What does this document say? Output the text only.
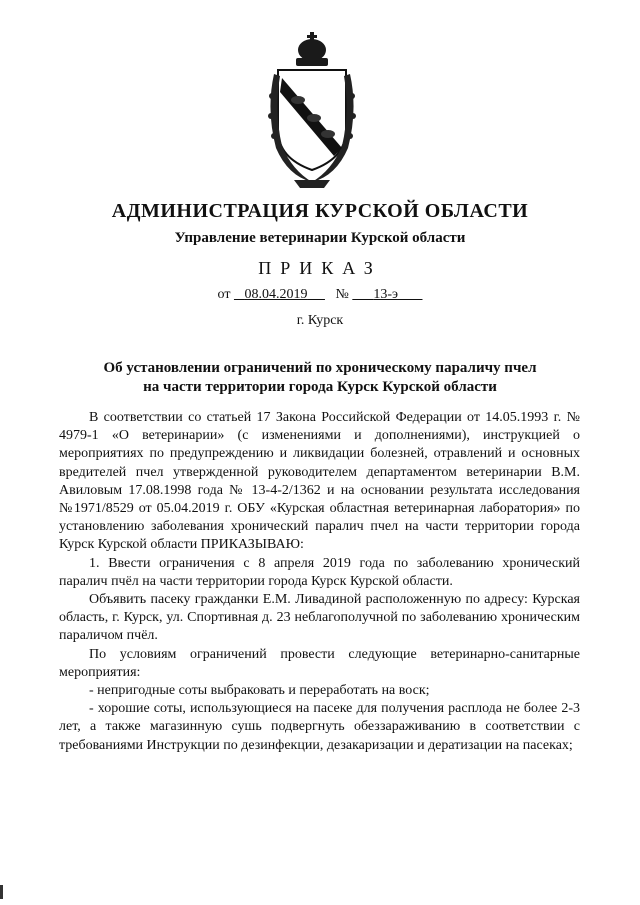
АДМИНИСТРАЦИЯ КУРСКОЙ ОБЛАСТИ
Управление ветеринарии Курской области
ПРИКАЗ
от 08.04.2019 № 13-э
г. Курск
Об установлении ограничений по хроническому параличу пчел
на части территории города Курск Курской области

В соответствии со статьей 17 Закона Российской Федерации от 14.05.1993 г. № 4979-1 «О ветеринарии» (с изменениями и дополнениями), инструкцией о мероприятиях по предупреждению и ликвидации болезней, отравлений и основных вредителей пчел утвержденной руководителем департаментом ветеринарии В.М. Авиловым 17.08.1998 года № 13-4-2/1362 и на основании результата исследования №1971/8529 от 05.04.2019 г. ОБУ «Курская областная ветеринарная лаборатория» по установлению заболевания хронический паралич пчел на части территории города Курск Курской области ПРИКАЗЫВАЮ:

1. Ввести ограничения с 8 апреля 2019 года по заболеванию хронический паралич пчёл на части территории города Курск Курской области.

Объявить пасеку гражданки Е.М. Ливадиной расположенную по адресу: Курская область, г. Курск, ул. Спортивная д. 23 неблагополучной по заболеванию хроническим параличом пчёл.

По условиям ограничений провести следующие ветеринарно-санитарные мероприятия:

- непригодные соты выбраковать и переработать на воск;

- хорошие соты, использующиеся на пасеке для получения расплода не более 2-3 лет, а также магазинную сушь подвергнуть обеззараживанию в соответствии с требованиями Инструкции по дезинфекции, дезакаризации и дератизации на пасеках;
